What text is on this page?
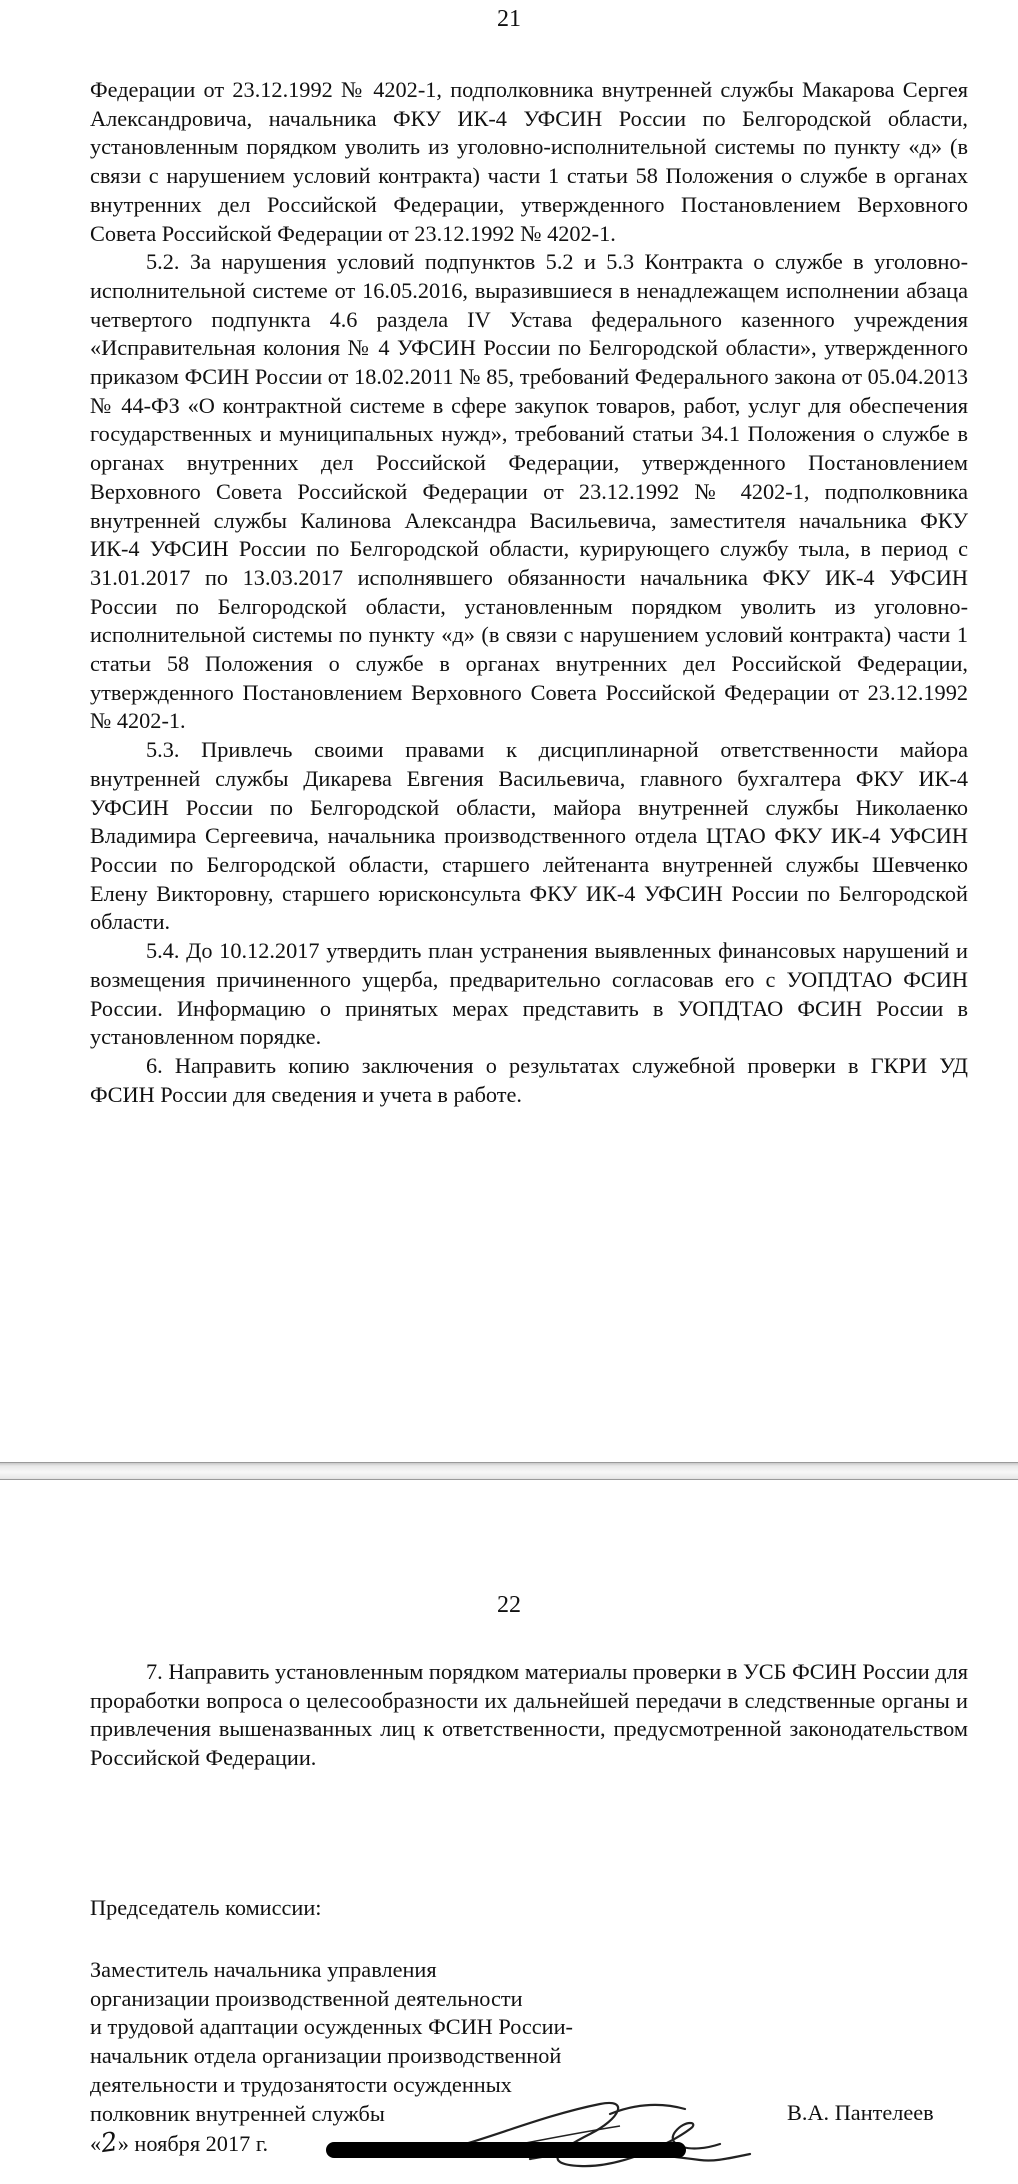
21

Федерации от 23.12.1992 № 4202-1, подполковника внутренней службы Макарова Сергея Александровича, начальника ФКУ ИК-4 УФСИН России по Белгородской области, установленным порядком уволить из уголовно-исполнительной системы по пункту «д» (в связи с нарушением условий контракта) части 1 статьи 58 Положения о службе в органах внутренних дел Российской Федерации, утвержденного Постановлением Верховного Совета Российской Федерации от 23.12.1992 № 4202-1.

5.2. За нарушения условий подпунктов 5.2 и 5.3 Контракта о службе в уголовно-исполнительной системе от 16.05.2016, выразившиеся в ненадлежащем исполнении абзаца четвертого подпункта 4.6 раздела IV Устава федерального казенного учреждения «Исправительная колония № 4 УФСИН России по Белгородской области», утвержденного приказом ФСИН России от 18.02.2011 № 85, требований Федерального закона от 05.04.2013 № 44-ФЗ «О контрактной системе в сфере закупок товаров, работ, услуг для обеспечения государственных и муниципальных нужд», требований статьи 34.1 Положения о службе в органах внутренних дел Российской Федерации, утвержденного Постановлением Верховного Совета Российской Федерации от 23.12.1992 № 4202-1, подполковника внутренней службы Калинова Александра Васильевича, заместителя начальника ФКУ ИК-4 УФСИН России по Белгородской области, курирующего службу тыла, в период с 31.01.2017 по 13.03.2017 исполнявшего обязанности начальника ФКУ ИК-4 УФСИН России по Белгородской области, установленным порядком уволить из уголовно-исполнительной системы по пункту «д» (в связи с нарушением условий контракта) части 1 статьи 58 Положения о службе в органах внутренних дел Российской Федерации, утвержденного Постановлением Верховного Совета Российской Федерации от 23.12.1992 № 4202-1.

5.3. Привлечь своими правами к дисциплинарной ответственности майора внутренней службы Дикарева Евгения Васильевича, главного бухгалтера ФКУ ИК-4 УФСИН России по Белгородской области, майора внутренней службы Николаенко Владимира Сергеевича, начальника производственного отдела ЦТАО ФКУ ИК-4 УФСИН России по Белгородской области, старшего лейтенанта внутренней службы Шевченко Елену Викторовну, старшего юрисконсульта ФКУ ИК-4 УФСИН России по Белгородской области.

5.4. До 10.12.2017 утвердить план устранения выявленных финансовых нарушений и возмещения причиненного ущерба, предварительно согласовав его с УОПДТАО ФСИН России. Информацию о принятых мерах представить в УОПДТАО ФСИН России в установленном порядке.

6. Направить копию заключения о результатах служебной проверки в ГКРИ УД ФСИН России для сведения и учета в работе.

22

7. Направить установленным порядком материалы проверки в УСБ ФСИН России для проработки вопроса о целесообразности их дальнейшей передачи в следственные органы и привлечения вышеназванных лиц к ответственности, предусмотренной законодательством Российской Федерации.

Председатель комиссии:
Заместитель начальника управления
организации производственной деятельности
и трудовой адаптации осужденных ФСИН России-
начальник отдела организации производственной
деятельности и трудозанятости осужденных
полковник внутренней службы	В.А. Пантелеев
«2» ноября 2017 г.
